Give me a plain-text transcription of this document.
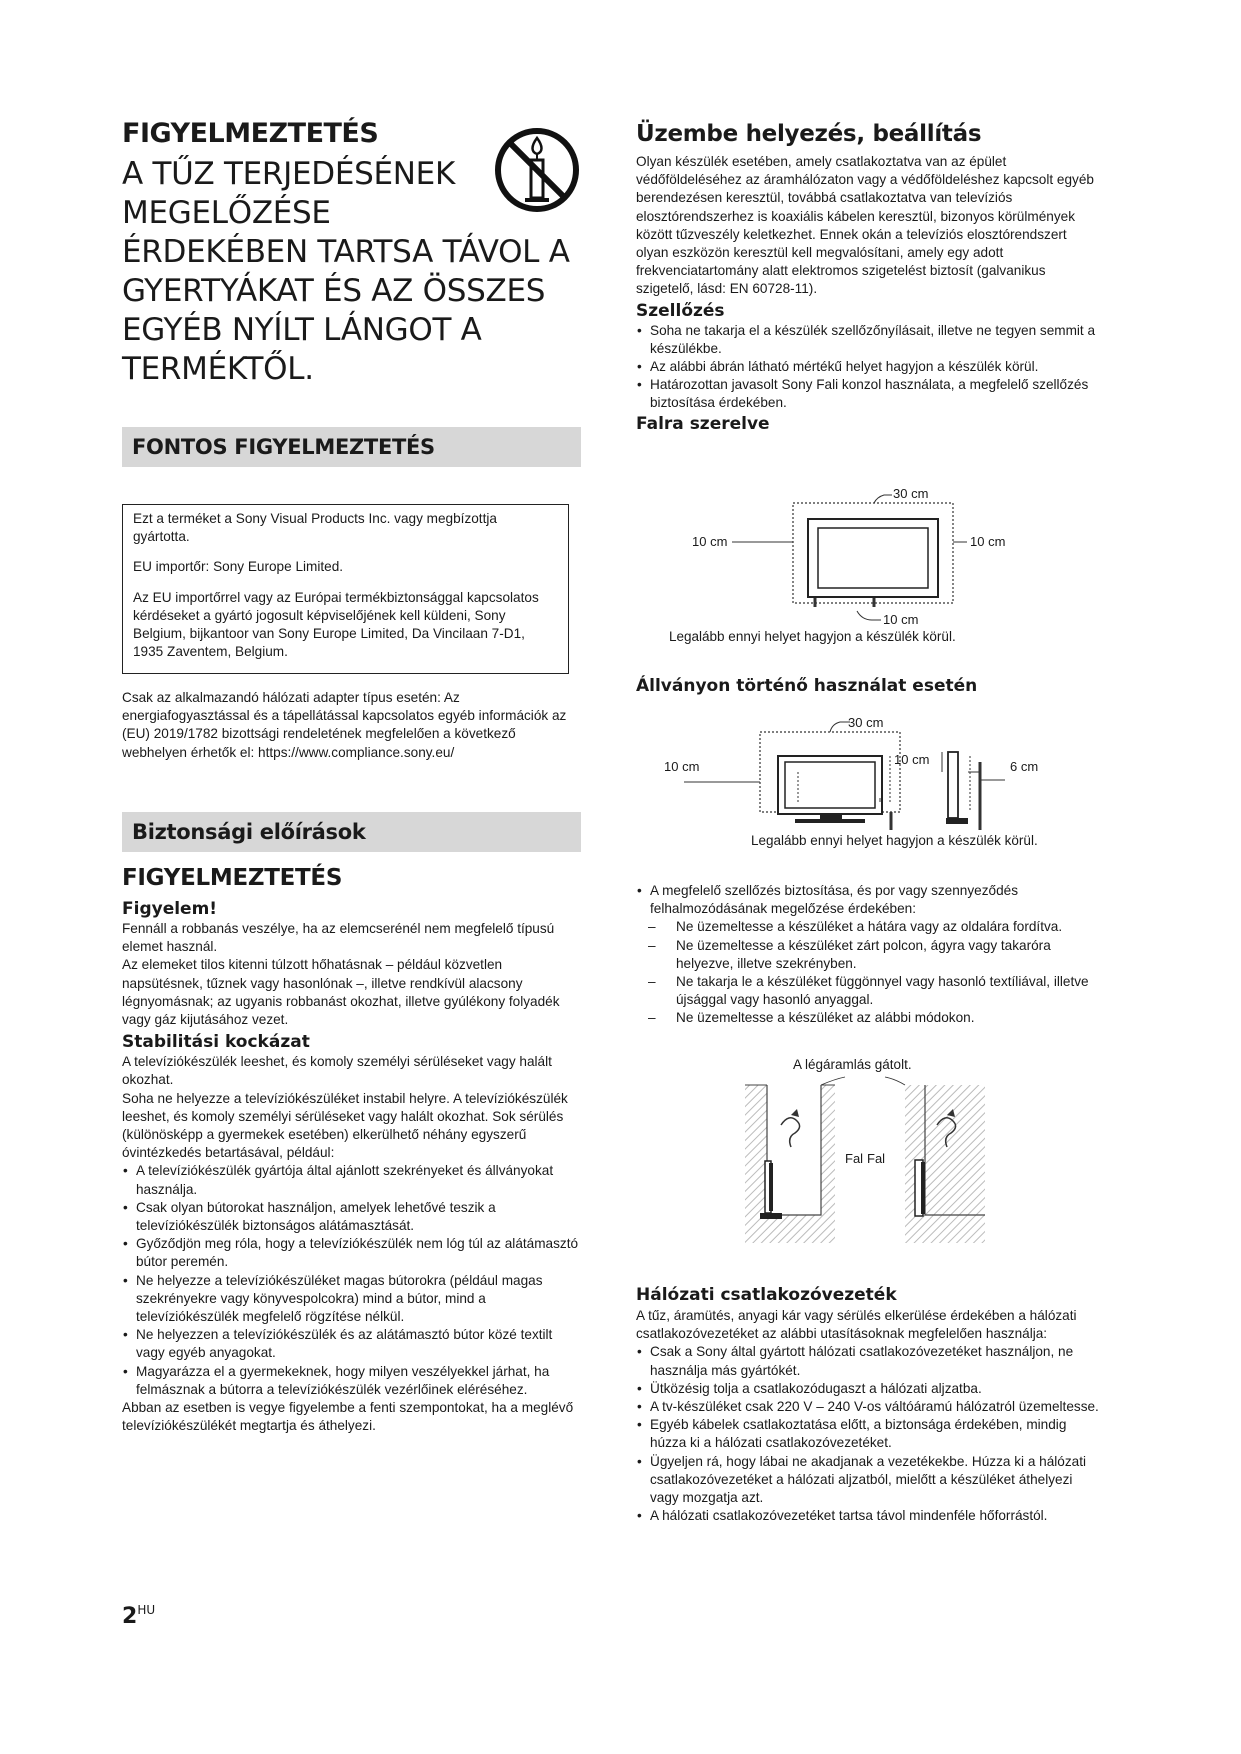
FIGYELMEZTETÉS
A TŰZ TERJEDÉSÉNEK
MEGELŐZÉSE
ÉRDEKÉBEN TARTSA TÁVOL A
GYERTYÁKAT ÉS AZ ÖSSZES
EGYÉB NYÍLT LÁNGOT A
TERMÉKTŐL.
FONTOS FIGYELMEZTETÉS

Ezt a terméket a Sony Visual Products Inc. vagy megbízottja gyártotta.

EU importőr: Sony Europe Limited.

Az EU importőrrel vagy az Európai termékbiztonsággal kapcsolatos kérdéseket a gyártó jogosult képviselőjének kell küldeni, Sony Belgium, bijkantoor van Sony Europe Limited, Da Vincilaan 7-D1, 1935 Zaventem, Belgium.

Csak az alkalmazandó hálózati adapter típus esetén: Az energiafogyasztással és a tápellátással kapcsolatos egyéb információk az (EU) 2019/1782 bizottsági rendeletének megfelelően a következő webhelyen érhetők el: https://www.compliance.sony.eu/

Biztonsági előírások
FIGYELMEZTETÉS
Figyelem!

Fennáll a robbanás veszélye, ha az elemcserénél nem megfelelő típusú elemet használ.

Az elemeket tilos kitenni túlzott hőhatásnak – például közvetlen napsütésnek, tűznek vagy hasonlónak –, illetve rendkívül alacsony légnyomásnak; az ugyanis robbanást okozhat, illetve gyúlékony folyadék vagy gáz kijutásához vezet.

Stabilitási kockázat

A televíziókészülék leeshet, és komoly személyi sérüléseket vagy halált okozhat.

Soha ne helyezze a televíziókészüléket instabil helyre. A televíziókészülék leeshet, és komoly személyi sérüléseket vagy halált okozhat. Sok sérülés (különösképp a gyermekek esetében) elkerülhető néhány egyszerű óvintézkedés betartásával, például:

• A televíziókészülék gyártója által ajánlott szekrényeket és állványokat használja.
• Csak olyan bútorokat használjon, amelyek lehetővé teszik a televíziókészülék biztonságos alátámasztását.
• Győződjön meg róla, hogy a televíziókészülék nem lóg túl az alátámasztó bútor peremén.
• Ne helyezze a televíziókészüléket magas bútorokra (például magas szekrényekre vagy könyvespolcokra) mind a bútor, mind a televíziókészülék megfelelő rögzítése nélkül.
• Ne helyezzen a televíziókészülék és az alátámasztó bútor közé textilt vagy egyéb anyagokat.
• Magyarázza el a gyermekeknek, hogy milyen veszélyekkel járhat, ha felmásznak a bútorra a televíziókészülék vezérlőinek eléréséhez.

Abban az esetben is vegye figyelembe a fenti szempontokat, ha a meglévő televíziókészülékét megtartja és áthelyezi.

Üzembe helyezés, beállítás

Olyan készülék esetében, amely csatlakoztatva van az épület védőföldeléséhez az áramhálózaton vagy a védőföldeléshez kapcsolt egyéb berendezésen keresztül, továbbá csatlakoztatva van televíziós elosztórendszerhez is koaxiális kábelen keresztül, bizonyos körülmények között tűzveszély keletkezhet. Ennek okán a televíziós elosztórendszert olyan eszközön keresztül kell megvalósítani, amely egy adott frekvenciatartomány alatt elektromos szigetelést biztosít (galvanikus szigetelő, lásd: EN 60728-11).

Szellőzés
• Soha ne takarja el a készülék szellőzőnyílásait, illetve ne tegyen semmit a készülékbe.
• Az alábbi ábrán látható mértékű helyet hagyjon a készülék körül.
• Határozottan javasolt Sony Fali konzol használata, a megfelelő szellőzés biztosítása érdekében.
Falra szerelve
30 cm
10 cm	10 cm
10 cm
Legalább ennyi helyet hagyjon a készülék körül.
Állványon történő használat esetén
30 cm
10 cm	10 cm	6 cm
Legalább ennyi helyet hagyjon a készülék körül.
• A megfelelő szellőzés biztosítása, és por vagy szennyeződés felhalmozódásának megelőzése érdekében:
– Ne üzemeltesse a készüléket a hátára vagy az oldalára fordítva.
– Ne üzemeltesse a készüléket zárt polcon, ágyra vagy takaróra helyezve, illetve szekrényben.
– Ne takarja le a készüléket függönnyel vagy hasonló textíliával, illetve újsággal vagy hasonló anyaggal.
– Ne üzemeltesse a készüléket az alábbi módokon.
A légáramlás gátolt.
Fal Fal
Hálózati csatlakozóvezeték

A tűz, áramütés, anyagi kár vagy sérülés elkerülése érdekében a hálózati csatlakozóvezetéket az alábbi utasításoknak megfelelően használja:

• Csak a Sony által gyártott hálózati csatlakozóvezetéket használjon, ne használja más gyártókét.
• Ütközésig tolja a csatlakozódugaszt a hálózati aljzatba.
• A tv-készüléket csak 220 V – 240 V-os váltóáramú hálózatról üzemeltesse.
• Egyéb kábelek csatlakoztatása előtt, a biztonsága érdekében, mindig húzza ki a hálózati csatlakozóvezetéket.
• Ügyeljen rá, hogy lábai ne akadjanak a vezetékekbe. Húzza ki a hálózati csatlakozóvezetéket a hálózati aljzatból, mielőtt a készüléket áthelyezi vagy mozgatja azt.
• A hálózati csatlakozóvezetéket tartsa távol mindenféle hőforrástól.
$2^{HU}$
